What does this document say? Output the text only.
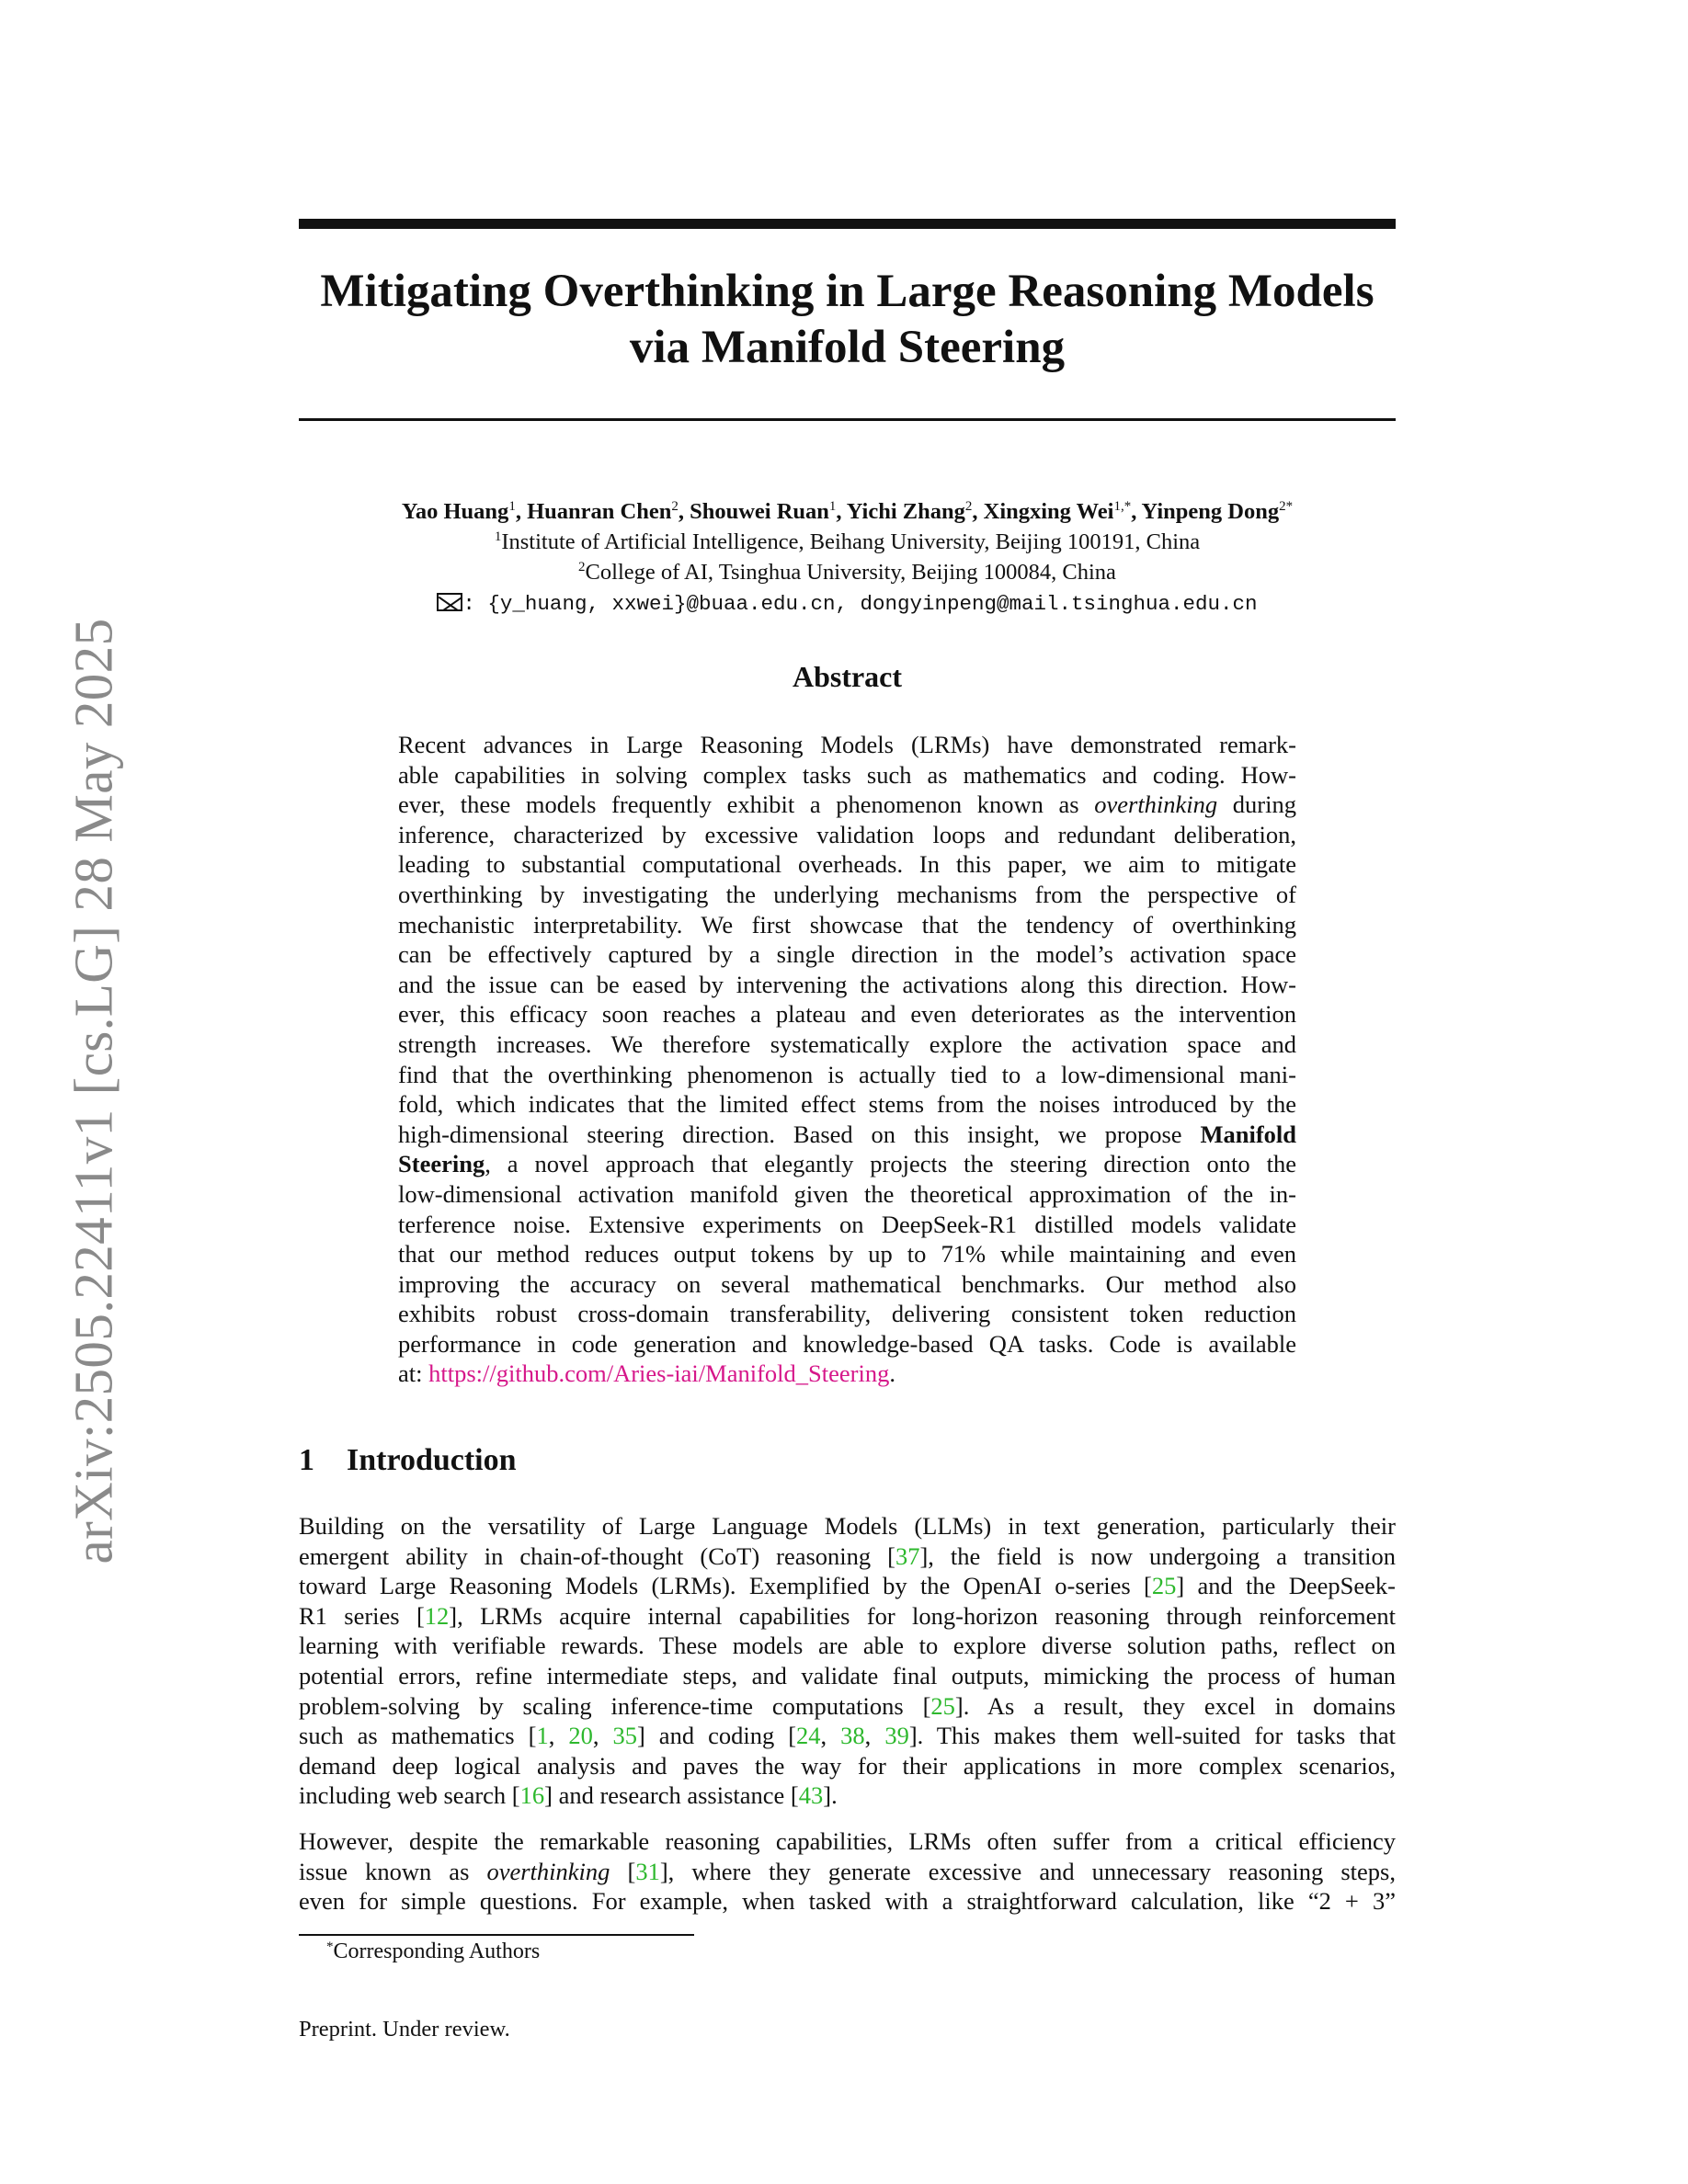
arXiv:2505.22411v1 [cs.LG] 28 May 2025
Mitigating Overthinking in Large Reasoning Models
via Manifold Steering
Yao Huang$^1$, Huanran Chen$^2$, Shouwei Ruan$^1$, Yichi Zhang$^2$, Xingxing Wei$^{1,*}$, Yinpeng Dong$^{2*}$
$^1$Institute of Artificial Intelligence, Beihang University, Beijing 100191, China
$^2$College of AI, Tsinghua University, Beijing 100084, China
: {y_huang, xxwei}@buaa.edu.cn, dongyinpeng@mail.tsinghua.edu.cn
Abstract
Recent advances in Large Reasoning Models (LRMs) have demonstrated remark-
able capabilities in solving complex tasks such as mathematics and coding. How-
ever, these models frequently exhibit a phenomenon known as overthinking during
inference, characterized by excessive validation loops and redundant deliberation,
leading to substantial computational overheads. In this paper, we aim to mitigate
overthinking by investigating the underlying mechanisms from the perspective of
mechanistic interpretability. We first showcase that the tendency of overthinking
can be effectively captured by a single direction in the model’s activation space
and the issue can be eased by intervening the activations along this direction. How-
ever, this efficacy soon reaches a plateau and even deteriorates as the intervention
strength increases. We therefore systematically explore the activation space and
find that the overthinking phenomenon is actually tied to a low-dimensional mani-
fold, which indicates that the limited effect stems from the noises introduced by the
high-dimensional steering direction. Based on this insight, we propose Manifold
Steering, a novel approach that elegantly projects the steering direction onto the
low-dimensional activation manifold given the theoretical approximation of the in-
terference noise. Extensive experiments on DeepSeek-R1 distilled models validate
that our method reduces output tokens by up to 71% while maintaining and even
improving the accuracy on several mathematical benchmarks. Our method also
exhibits robust cross-domain transferability, delivering consistent token reduction
performance in code generation and knowledge-based QA tasks. Code is available
at: https://github.com/Aries-iai/Manifold_Steering.
1 Introduction
Building on the versatility of Large Language Models (LLMs) in text generation, particularly their
emergent ability in chain-of-thought (CoT) reasoning [37], the field is now undergoing a transition
toward Large Reasoning Models (LRMs). Exemplified by the OpenAI o-series [25] and the DeepSeek-
R1 series [12], LRMs acquire internal capabilities for long-horizon reasoning through reinforcement
learning with verifiable rewards. These models are able to explore diverse solution paths, reflect on
potential errors, refine intermediate steps, and validate final outputs, mimicking the process of human
problem-solving by scaling inference-time computations [25]. As a result, they excel in domains
such as mathematics [1, 20, 35] and coding [24, 38, 39]. This makes them well-suited for tasks that
demand deep logical analysis and paves the way for their applications in more complex scenarios,
including web search [16] and research assistance [43].
However, despite the remarkable reasoning capabilities, LRMs often suffer from a critical efficiency
issue known as overthinking [31], where they generate excessive and unnecessary reasoning steps,
even for simple questions. For example, when tasked with a straightforward calculation, like “2 + 3”
*Corresponding Authors
Preprint. Under review.
